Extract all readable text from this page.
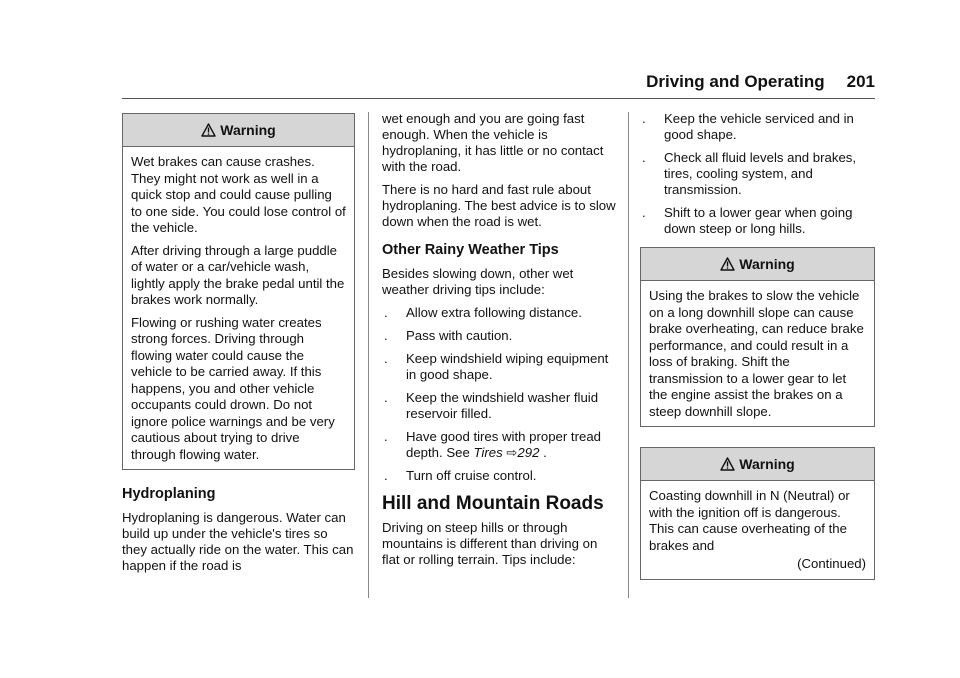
Driving and Operating 201
Warning

Wet brakes can cause crashes. They might not work as well in a quick stop and could cause pulling to one side. You could lose control of the vehicle.

After driving through a large puddle of water or a car/vehicle wash, lightly apply the brake pedal until the brakes work normally.

Flowing or rushing water creates strong forces. Driving through flowing water could cause the vehicle to be carried away. If this happens, you and other vehicle occupants could drown. Do not ignore police warnings and be very cautious about trying to drive through flowing water.

Hydroplaning

Hydroplaning is dangerous. Water can build up under the vehicle's tires so they actually ride on the water. This can happen if the road is

wet enough and you are going fast enough. When the vehicle is hydroplaning, it has little or no contact with the road.

There is no hard and fast rule about hydroplaning. The best advice is to slow down when the road is wet.

Other Rainy Weather Tips

Besides slowing down, other wet weather driving tips include:

. Allow extra following distance.
. Pass with caution.
. Keep windshield wiping equipment in good shape.
. Keep the windshield washer fluid reservoir filled.
. Have good tires with proper tread depth. See Tires ⇨292 .
. Turn off cruise control.
Hill and Mountain Roads

Driving on steep hills or through mountains is different than driving on flat or rolling terrain. Tips include:

. Keep the vehicle serviced and in good shape.
. Check all fluid levels and brakes, tires, cooling system, and transmission.
. Shift to a lower gear when going down steep or long hills.
Warning

Using the brakes to slow the vehicle on a long downhill slope can cause brake overheating, can reduce brake performance, and could result in a loss of braking. Shift the transmission to a lower gear to let the engine assist the brakes on a steep downhill slope.

Warning

Coasting downhill in N (Neutral) or with the ignition off is dangerous. This can cause overheating of the brakes and

(Continued)
